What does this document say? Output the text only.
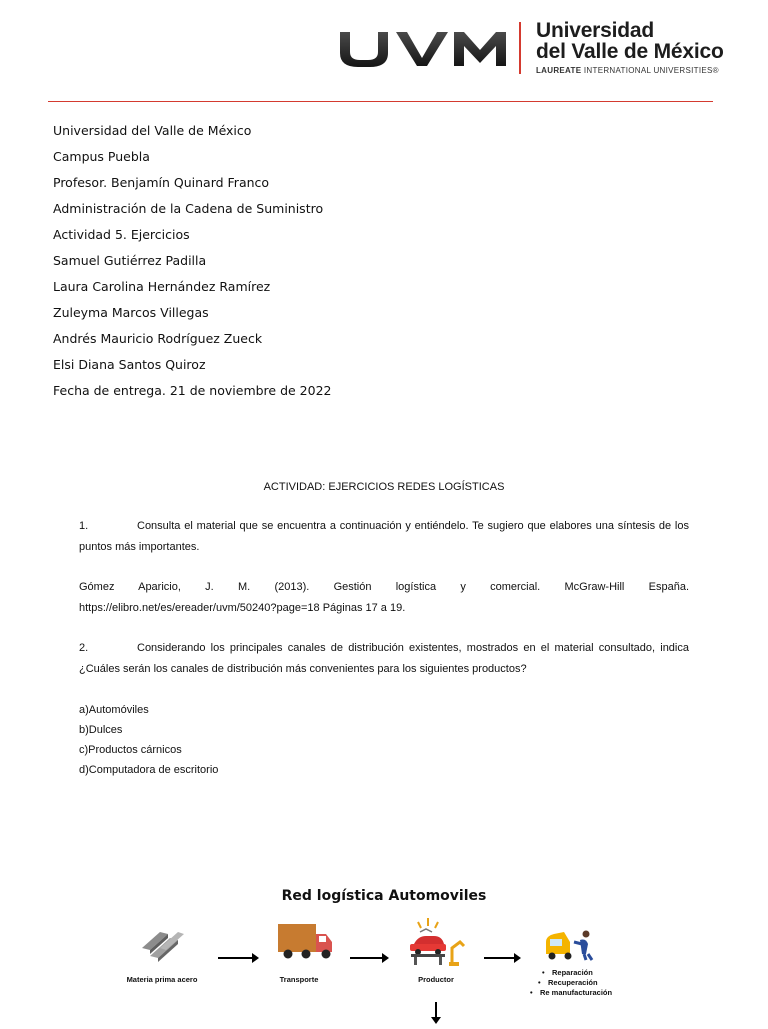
Universidad
del Valle de México
LAUREATE INTERNATIONAL UNIVERSITIES®
Universidad del Valle de México
Campus Puebla
Profesor. Benjamín Quinard Franco
Administración de la Cadena de Suministro
Actividad 5. Ejercicios
Samuel Gutiérrez Padilla
Laura Carolina Hernández Ramírez
Zuleyma Marcos Villegas
Andrés Mauricio Rodríguez Zueck
Elsi Diana Santos Quiroz
Fecha de entrega. 21 de noviembre de 2022
ACTIVIDAD: EJERCICIOS REDES LOGÍSTICAS
1.	Consulta el material que se encuentra a continuación y entiéndelo. Te sugiero que elabores una síntesis de los
puntos más importantes.
Gómez Aparicio, J. M. (2013). Gestión logística y comercial. McGraw-Hill España.
https://elibro.net/es/ereader/uvm/50240?page=18 Páginas 17 a 19.
2.	Considerando los principales canales de distribución existentes, mostrados en el material consultado, indica
¿Cuáles serán los canales de distribución más convenientes para los siguientes productos?
a)Automóviles
b)Dulces
c)Productos cárnicos
d)Computadora de escritorio
Red logística Automoviles
Materia prima acero	Transporte	Productor
• Reparación
• Recuperación
• Re manufacturación
